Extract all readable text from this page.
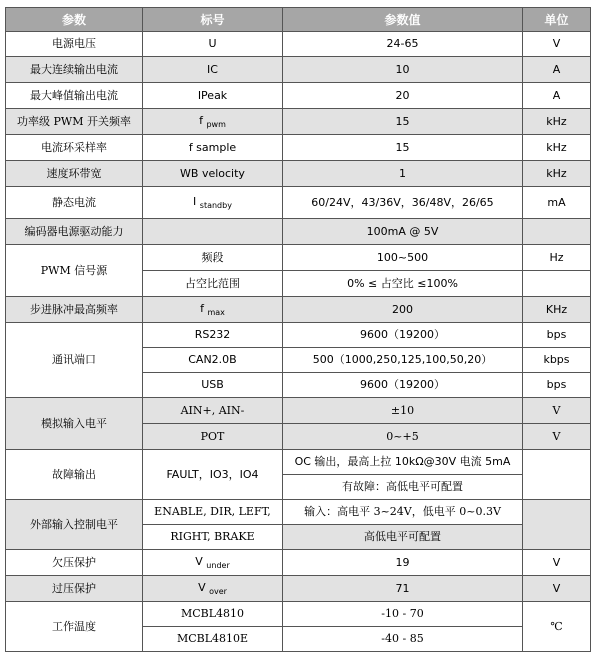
参数	标号	参数值	单位
电源电压	U	24-65	V
最大连续输出电流	IC	10	A
最大峰值输出电流	IPeak	20	A
功率级 PWM 开关频率	f $_{pwm}$	15	kHz
电流环采样率	f sample	15	kHz
速度环带宽	WB velocity	1	kHz
静态电流	I $_{standby}$	60/24V，43/36V，36/48V，26/65	mA
编码器电源驱动能力		100mA @ 5V	
PWM 信号源	频段	100~500	Hz
	占空比范围	0% ≤ 占空比 ≤100%	
步进脉冲最高频率	f $_{max}$	200	KHz
通讯端口	RS232	9600（19200）	bps
	CAN2.0B	500（1000,250,125,100,50,20）	kbps
	USB	9600（19200）	bps
模拟输入电平	AIN+, AIN-	±10	V
	POT	0~+5	V
故障输出	FAULT，IO3，IO4	OC 输出，最高上拉 10kΩ@30V 电流 5mA	
		有故障：高低电平可配置	
外部输入控制电平	ENABLE, DIR, LEFT,	输入：高电平 3~24V，低电平 0~0.3V	
	RIGHT, BRAKE	高低电平可配置	
欠压保护	V $_{under}$	19	V
过压保护	V $_{over}$	71	V
工作温度	MCBL4810	-10 - 70	℃
	MCBL4810E	-40 - 85	
